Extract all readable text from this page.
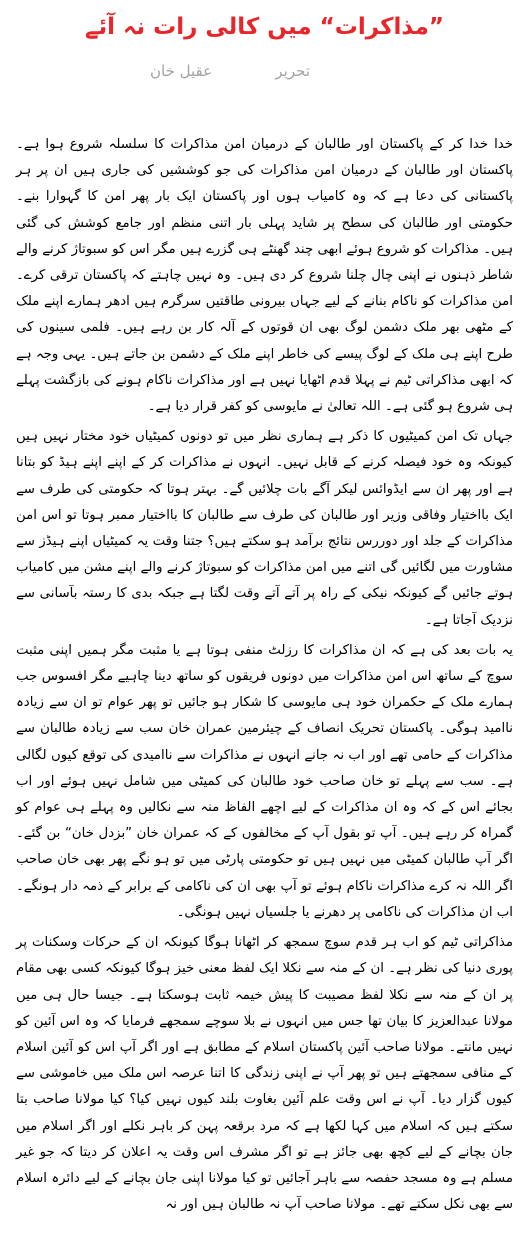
”مذاکرات“ میں کالی رات نہ آئے
تحریر
عقیل خان

خدا خدا کر کے پاکستان اور طالبان کے درمیان امن مذاکرات کا سلسلہ شروع ہوا ہے۔ پاکستان اور طالبان کے درمیان امن مذاکرات کی جو کوششیں کی جاری ہیں ان پر ہر پاکستانی کی دعا ہے کہ وہ کامیاب ہوں اور پاکستان ایک بار پھر امن کا گہوارا بنے۔ حکومتی اور طالبان کی سطح پر شاید پہلی بار اتنی منظم اور جامع کوشش کی گئی ہیں۔ مذاکرات کو شروع ہوئے ابھی چند گھنٹے ہی گزرے ہیں مگر اس کو سبوتاژ کرنے والے شاطر ذہنوں نے اپنی چال چلنا شروع کر دی ہیں۔ وہ نہیں چاہتے کہ پاکستان ترقی کرے۔ امن مذاکرات کو ناکام بنانے کے لیے جہاں بیرونی طاقتیں سرگرم ہیں ادھر ہمارے اپنے ملک کے مٹھی بھر ملک دشمن لوگ بھی ان قوتوں کے آلہ کار بن رہے ہیں۔ فلمی سینوں کی طرح اپنے ہی ملک کے لوگ پیسے کی خاطر اپنے ملک کے دشمن بن جاتے ہیں۔ یہی وجہ ہے کہ ابھی مذاکراتی ٹیم نے پہلا قدم اٹھایا نہیں ہے اور مذاکرات ناکام ہونے کی بازگشت پہلے ہی شروع ہو گئی ہے۔ اللہ تعالیٰ نے مایوسی کو کفر قرار دیا ہے۔

جہاں تک امن کمیٹیوں کا ذکر ہے ہماری نظر میں تو دونوں کمیٹیاں خود مختار نہیں ہیں کیونکہ وہ خود فیصلہ کرنے کے قابل نہیں۔ انہوں نے مذاکرات کر کے اپنے اپنے ہیڈ کو بتانا ہے اور پھر ان سے ایڈوائس لیکر آگے بات چلائیں گے۔ بہتر ہوتا کہ حکومتی کی طرف سے ایک بااختیار وفاقی وزیر اور طالبان کی طرف سے طالبان کا بااختیار ممبر ہوتا تو اس امن مذاکرات کے جلد اور دوررس نتائج برآمد ہو سکتے ہیں؟ جتنا وقت یہ کمیٹیاں اپنے ہیڈز سے مشاورت میں لگائیں گی اتنے میں امن مذاکرات کو سبوتاژ کرنے والے اپنے مشن میں کامیاب ہوتے جائیں گے کیونکہ نیکی کے راہ پر آتے آتے وقت لگتا ہے جبکہ بدی کا رستہ بآسانی سے نزدیک آجاتا ہے۔

یہ بات بعد کی ہے کہ ان مذاکرات کا رزلٹ منفی ہوتا ہے یا مثبت مگر ہمیں اپنی مثبت سوچ کے ساتھ اس امن مذاکرات میں دونوں فریقوں کو ساتھ دینا چاہیے مگر افسوس جب ہمارے ملک کے حکمران خود ہی مایوسی کا شکار ہو جائیں تو پھر عوام تو ان سے زیادہ ناامید ہوگی۔ پاکستان تحریک انصاف کے چیئرمین عمران خان سب سے زیادہ طالبان سے مذاکرات کے حامی تھے اور اب نہ جانے انہوں نے مذاکرات سے ناامیدی کی توقع کیوں لگالی ہے۔ سب سے پہلے تو خان صاحب خود طالبان کی کمیٹی میں شامل نہیں ہوئے اور اب بجائے اس کے کہ وہ ان مذاکرات کے لیے اچھے الفاظ منہ سے نکالیں وہ پہلے ہی عوام کو گمراہ کر رہے ہیں۔ آپ تو بقول آپ کے مخالفوں کے کہ عمران خان ”بزدل خان“ بن گئے۔ اگر آپ طالبان کمیٹی میں نہیں ہیں تو حکومتی پارٹی میں تو ہو نگے پھر بھی خان صاحب اگر اللہ نہ کرے مذاکرات ناکام ہوئے تو آپ بھی ان کی ناکامی کے برابر کے ذمہ دار ہونگے۔ اب ان مذاکرات کی ناکامی پر دھرنے یا جلسیاں نہیں ہونگی۔

مذاکراتی ٹیم کو اب ہر قدم سوچ سمجھ کر اٹھانا ہوگا کیونکہ ان کے حرکات وسکنات پر پوری دنیا کی نظر ہے۔ ان کے منہ سے نکلا ایک لفظ معنی خیز ہوگا کیونکہ کسی بھی مقام پر ان کے منہ سے نکلا لفظ مصیبت کا پیش خیمہ ثابت ہوسکتا ہے۔ جیسا حال ہی میں مولانا عبدالعزیز کا بیان تھا جس میں انہوں نے بلا سوچے سمجھے فرمایا کہ وہ اس آئین کو نہیں مانتے۔ مولانا صاحب آئین پاکستان اسلام کے مطابق ہے اور اگر آپ اس کو آئین اسلام کے منافی سمجھتے ہیں تو پھر آپ نے اپنی زندگی کا اتنا عرصہ اس ملک میں خاموشی سے کیوں گزار دیا۔ آپ نے اس وقت علم آئین بغاوت بلند کیوں نہیں کیا؟ کیا مولانا صاحب بتا سکتے ہیں کہ اسلام میں کہا لکھا ہے کہ مرد برقعہ پہن کر باہر نکلے اور اگر اسلام میں جان بچانے کے لیے کچھ بھی جائز ہے تو اگر مشرف اس وقت یہ اعلان کر دیتا کہ جو غیر مسلم ہے وہ مسجد حفصہ سے باہر آجائیں تو کیا مولانا اپنی جان بچانے کے لیے دائرہ اسلام سے بھی نکل سکتے تھے۔ مولانا صاحب آپ نہ طالبان ہیں اور نہ
